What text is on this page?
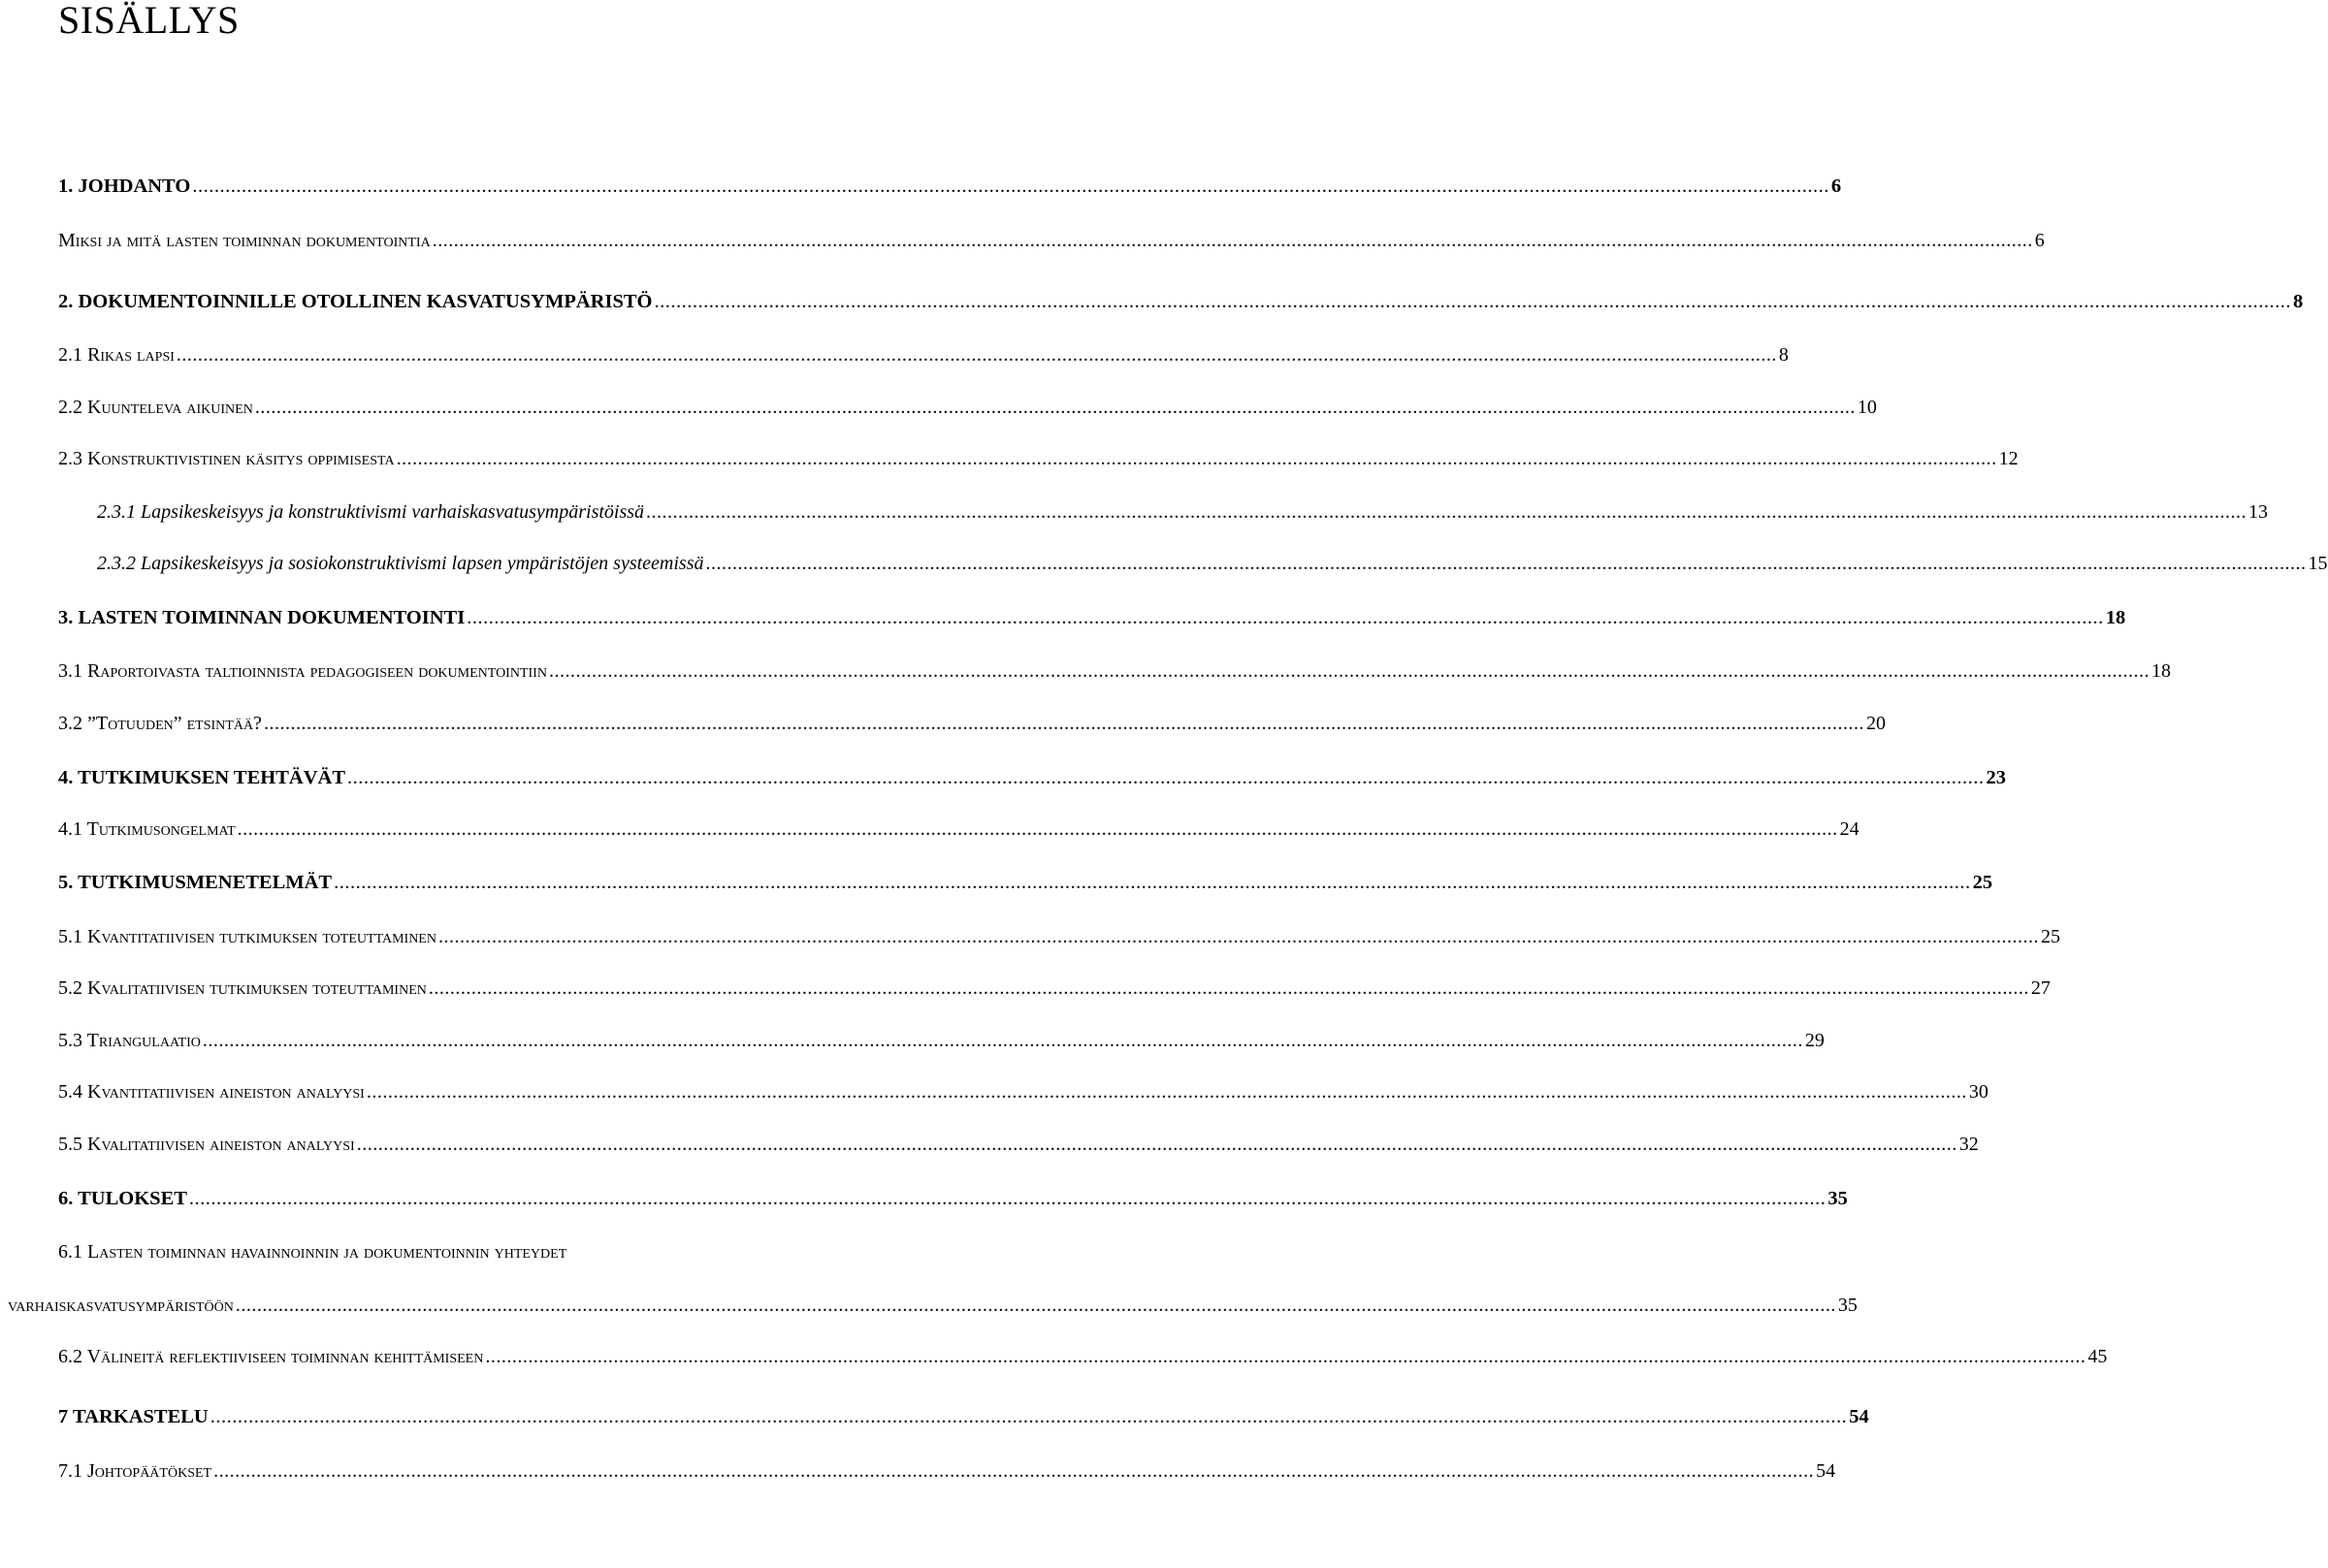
SISÄLLYS
1. JOHDANTO ............................................................................................................................................................................................................................................................................................................ 6
Miksi ja mitä lasten toiminnan dokumentointia ............................................................................................................................................................................................................................................................................................................ 6
2. DOKUMENTOINNILLE OTOLLINEN KASVATUSYMPÄRISTÖ ............................................................................................................................................................................................................................................................................................................ 8
2.1 Rikas lapsi ............................................................................................................................................................................................................................................................................................................ 8
2.2 Kuunteleva aikuinen ............................................................................................................................................................................................................................................................................................................ 10
2.3 Konstruktivistinen käsitys oppimisesta ............................................................................................................................................................................................................................................................................................................ 12
2.3.1 Lapsikeskeisyys ja konstruktivismi varhaiskasvatusympäristöissä ............................................................................................................................................................................................................................................................................................................ 13
2.3.2 Lapsikeskeisyys ja sosiokonstruktivismi lapsen ympäristöjen systeemissä ............................................................................................................................................................................................................................................................................................................ 15
3. LASTEN TOIMINNAN DOKUMENTOINTI ............................................................................................................................................................................................................................................................................................................ 18
3.1 Raportoivasta taltioinnista pedagogiseen dokumentointiin ............................................................................................................................................................................................................................................................................................................ 18
3.2 ”Totuuden” etsintää? ............................................................................................................................................................................................................................................................................................................ 20
4. TUTKIMUKSEN TEHTÄVÄT ............................................................................................................................................................................................................................................................................................................ 23
4.1 Tutkimusongelmat ............................................................................................................................................................................................................................................................................................................ 24
5. TUTKIMUSMENETELMÄT ............................................................................................................................................................................................................................................................................................................ 25
5.1 Kvantitatiivisen tutkimuksen toteuttaminen ............................................................................................................................................................................................................................................................................................................ 25
5.2 Kvalitatiivisen tutkimuksen toteuttaminen ............................................................................................................................................................................................................................................................................................................ 27
5.3 Triangulaatio ............................................................................................................................................................................................................................................................................................................ 29
5.4 Kvantitatiivisen aineiston analyysi ............................................................................................................................................................................................................................................................................................................ 30
5.5 Kvalitatiivisen aineiston analyysi ............................................................................................................................................................................................................................................................................................................ 32
6. TULOKSET ............................................................................................................................................................................................................................................................................................................ 35
6.1 Lasten toiminnan havainnoinnin ja dokumentoinnin yhteydet
varhaiskasvatusympäristöön ............................................................................................................................................................................................................................................................................................................ 35
6.2 Välineitä reflektiiviseen toiminnan kehittämiseen ............................................................................................................................................................................................................................................................................................................ 45
7 TARKASTELU ............................................................................................................................................................................................................................................................................................................ 54
7.1 Johtopäätökset ............................................................................................................................................................................................................................................................................................................ 54
